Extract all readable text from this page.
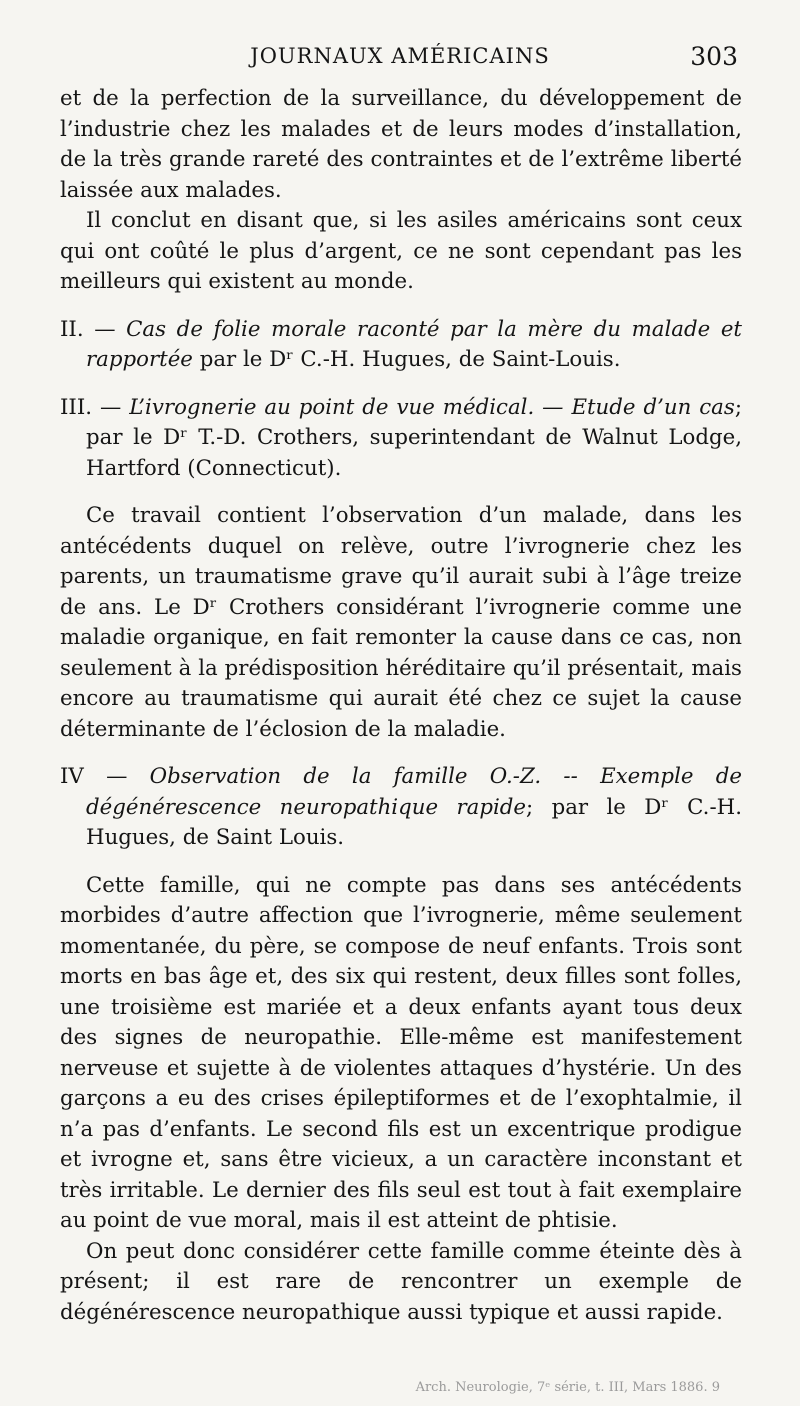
JOURNAUX AMÉRICAINS	303

et de la perfection de la surveillance, du développement de l’industrie chez les malades et de leurs modes d’installation, de la très grande rareté des contraintes et de l’extrême liberté laissée aux malades.

Il conclut en disant que, si les asiles américains sont ceux qui ont coûté le plus d’argent, ce ne sont cependant pas les meilleurs qui existent au monde.

II. — Cas de folie morale raconté par la mère du malade et rapportée par le Dʳ C.-H. Hugues, de Saint-Louis.

III. — L’ivrognerie au point de vue médical. — Etude d’un cas; par le Dʳ T.-D. Crothers, superintendant de Walnut Lodge, Hartford (Connecticut).

Ce travail contient l’observation d’un malade, dans les antécédents duquel on relève, outre l’ivrognerie chez les parents, un traumatisme grave qu’il aurait subi à l’âge treize de ans. Le Dʳ Crothers considérant l’ivrognerie comme une maladie organique, en fait remonter la cause dans ce cas, non seulement à la prédisposition héréditaire qu’il présentait, mais encore au traumatisme qui aurait été chez ce sujet la cause déterminante de l’éclosion de la maladie.

IV — Observation de la famille O.-Z. -- Exemple de dégénérescence neuropathique rapide; par le Dʳ C.-H. Hugues, de Saint Louis.

Cette famille, qui ne compte pas dans ses antécédents morbides d’autre affection que l’ivrognerie, même seulement momentanée, du père, se compose de neuf enfants. Trois sont morts en bas âge et, des six qui restent, deux filles sont folles, une troisième est mariée et a deux enfants ayant tous deux des signes de neuropathie. Elle-même est manifestement nerveuse et sujette à de violentes attaques d’hystérie. Un des garçons a eu des crises épileptiformes et de l’exophtalmie, il n’a pas d’enfants. Le second fils est un excentrique prodigue et ivrogne et, sans être vicieux, a un caractère inconstant et très irritable. Le dernier des fils seul est tout à fait exemplaire au point de vue moral, mais il est atteint de phtisie.

On peut donc considérer cette famille comme éteinte dès à présent; il est rare de rencontrer un exemple de dégénérescence neuropathique aussi typique et aussi rapide.

Arch. Neurologie, 7ᵉ série, t. III, Mars 1886. 9
